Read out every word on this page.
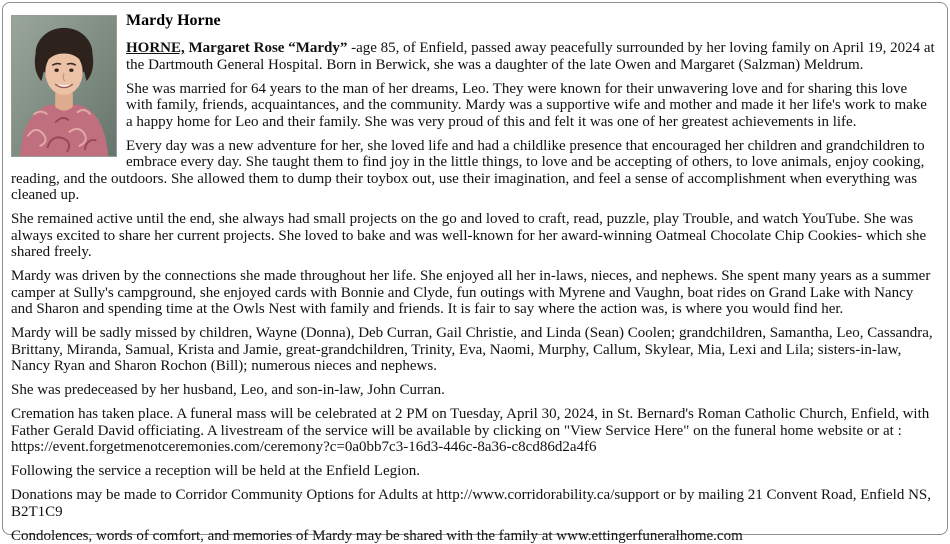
Mardy Horne

HORNE, Margaret Rose “Mardy” -age 85, of Enfield, passed away peacefully surrounded by her loving family on April 19, 2024 at the Dartmouth General Hospital. Born in Berwick, she was a daughter of the late Owen and Margaret (Salzman) Meldrum.

She was married for 64 years to the man of her dreams, Leo. They were known for their unwavering love and for sharing this love with family, friends, acquaintances, and the community. Mardy was a supportive wife and mother and made it her life's work to make a happy home for Leo and their family. She was very proud of this and felt it was one of her greatest achievements in life.

Every day was a new adventure for her, she loved life and had a childlike presence that encouraged her children and grandchildren to embrace every day. She taught them to find joy in the little things, to love and be accepting of others, to love animals, enjoy cooking, reading, and the outdoors. She allowed them to dump their toybox out, use their imagination, and feel a sense of accomplishment when everything was cleaned up.

She remained active until the end, she always had small projects on the go and loved to craft, read, puzzle, play Trouble, and watch YouTube. She was always excited to share her current projects. She loved to bake and was well-known for her award-winning Oatmeal Chocolate Chip Cookies- which she shared freely.

Mardy was driven by the connections she made throughout her life. She enjoyed all her in-laws, nieces, and nephews. She spent many years as a summer camper at Sully's campground, she enjoyed cards with Bonnie and Clyde, fun outings with Myrene and Vaughn, boat rides on Grand Lake with Nancy and Sharon and spending time at the Owls Nest with family and friends. It is fair to say where the action was, is where you would find her.

Mardy will be sadly missed by children, Wayne (Donna), Deb Curran, Gail Christie, and Linda (Sean) Coolen; grandchildren, Samantha, Leo, Cassandra, Brittany, Miranda, Samual, Krista and Jamie, great-grandchildren, Trinity, Eva, Naomi, Murphy, Callum, Skylear, Mia, Lexi and Lila; sisters-in-law, Nancy Ryan and Sharon Rochon (Bill); numerous nieces and nephews.

She was predeceased by her husband, Leo, and son-in-law, John Curran.

Cremation has taken place. A funeral mass will be celebrated at 2 PM on Tuesday, April 30, 2024, in St. Bernard's Roman Catholic Church, Enfield, with Father Gerald David officiating. A livestream of the service will be available by clicking on "View Service Here" on the funeral home website or at : https://event.forgetmenotceremonies.com/ceremony?c=0a0bb7c3-16d3-446c-8a36-c8cd86d2a4f6

Following the service a reception will be held at the Enfield Legion.

Donations may be made to Corridor Community Options for Adults at http://www.corridorability.ca/support or by mailing 21 Convent Road, Enfield NS, B2T1C9

Condolences, words of comfort, and memories of Mardy may be shared with the family at www.ettingerfuneralhome.com
